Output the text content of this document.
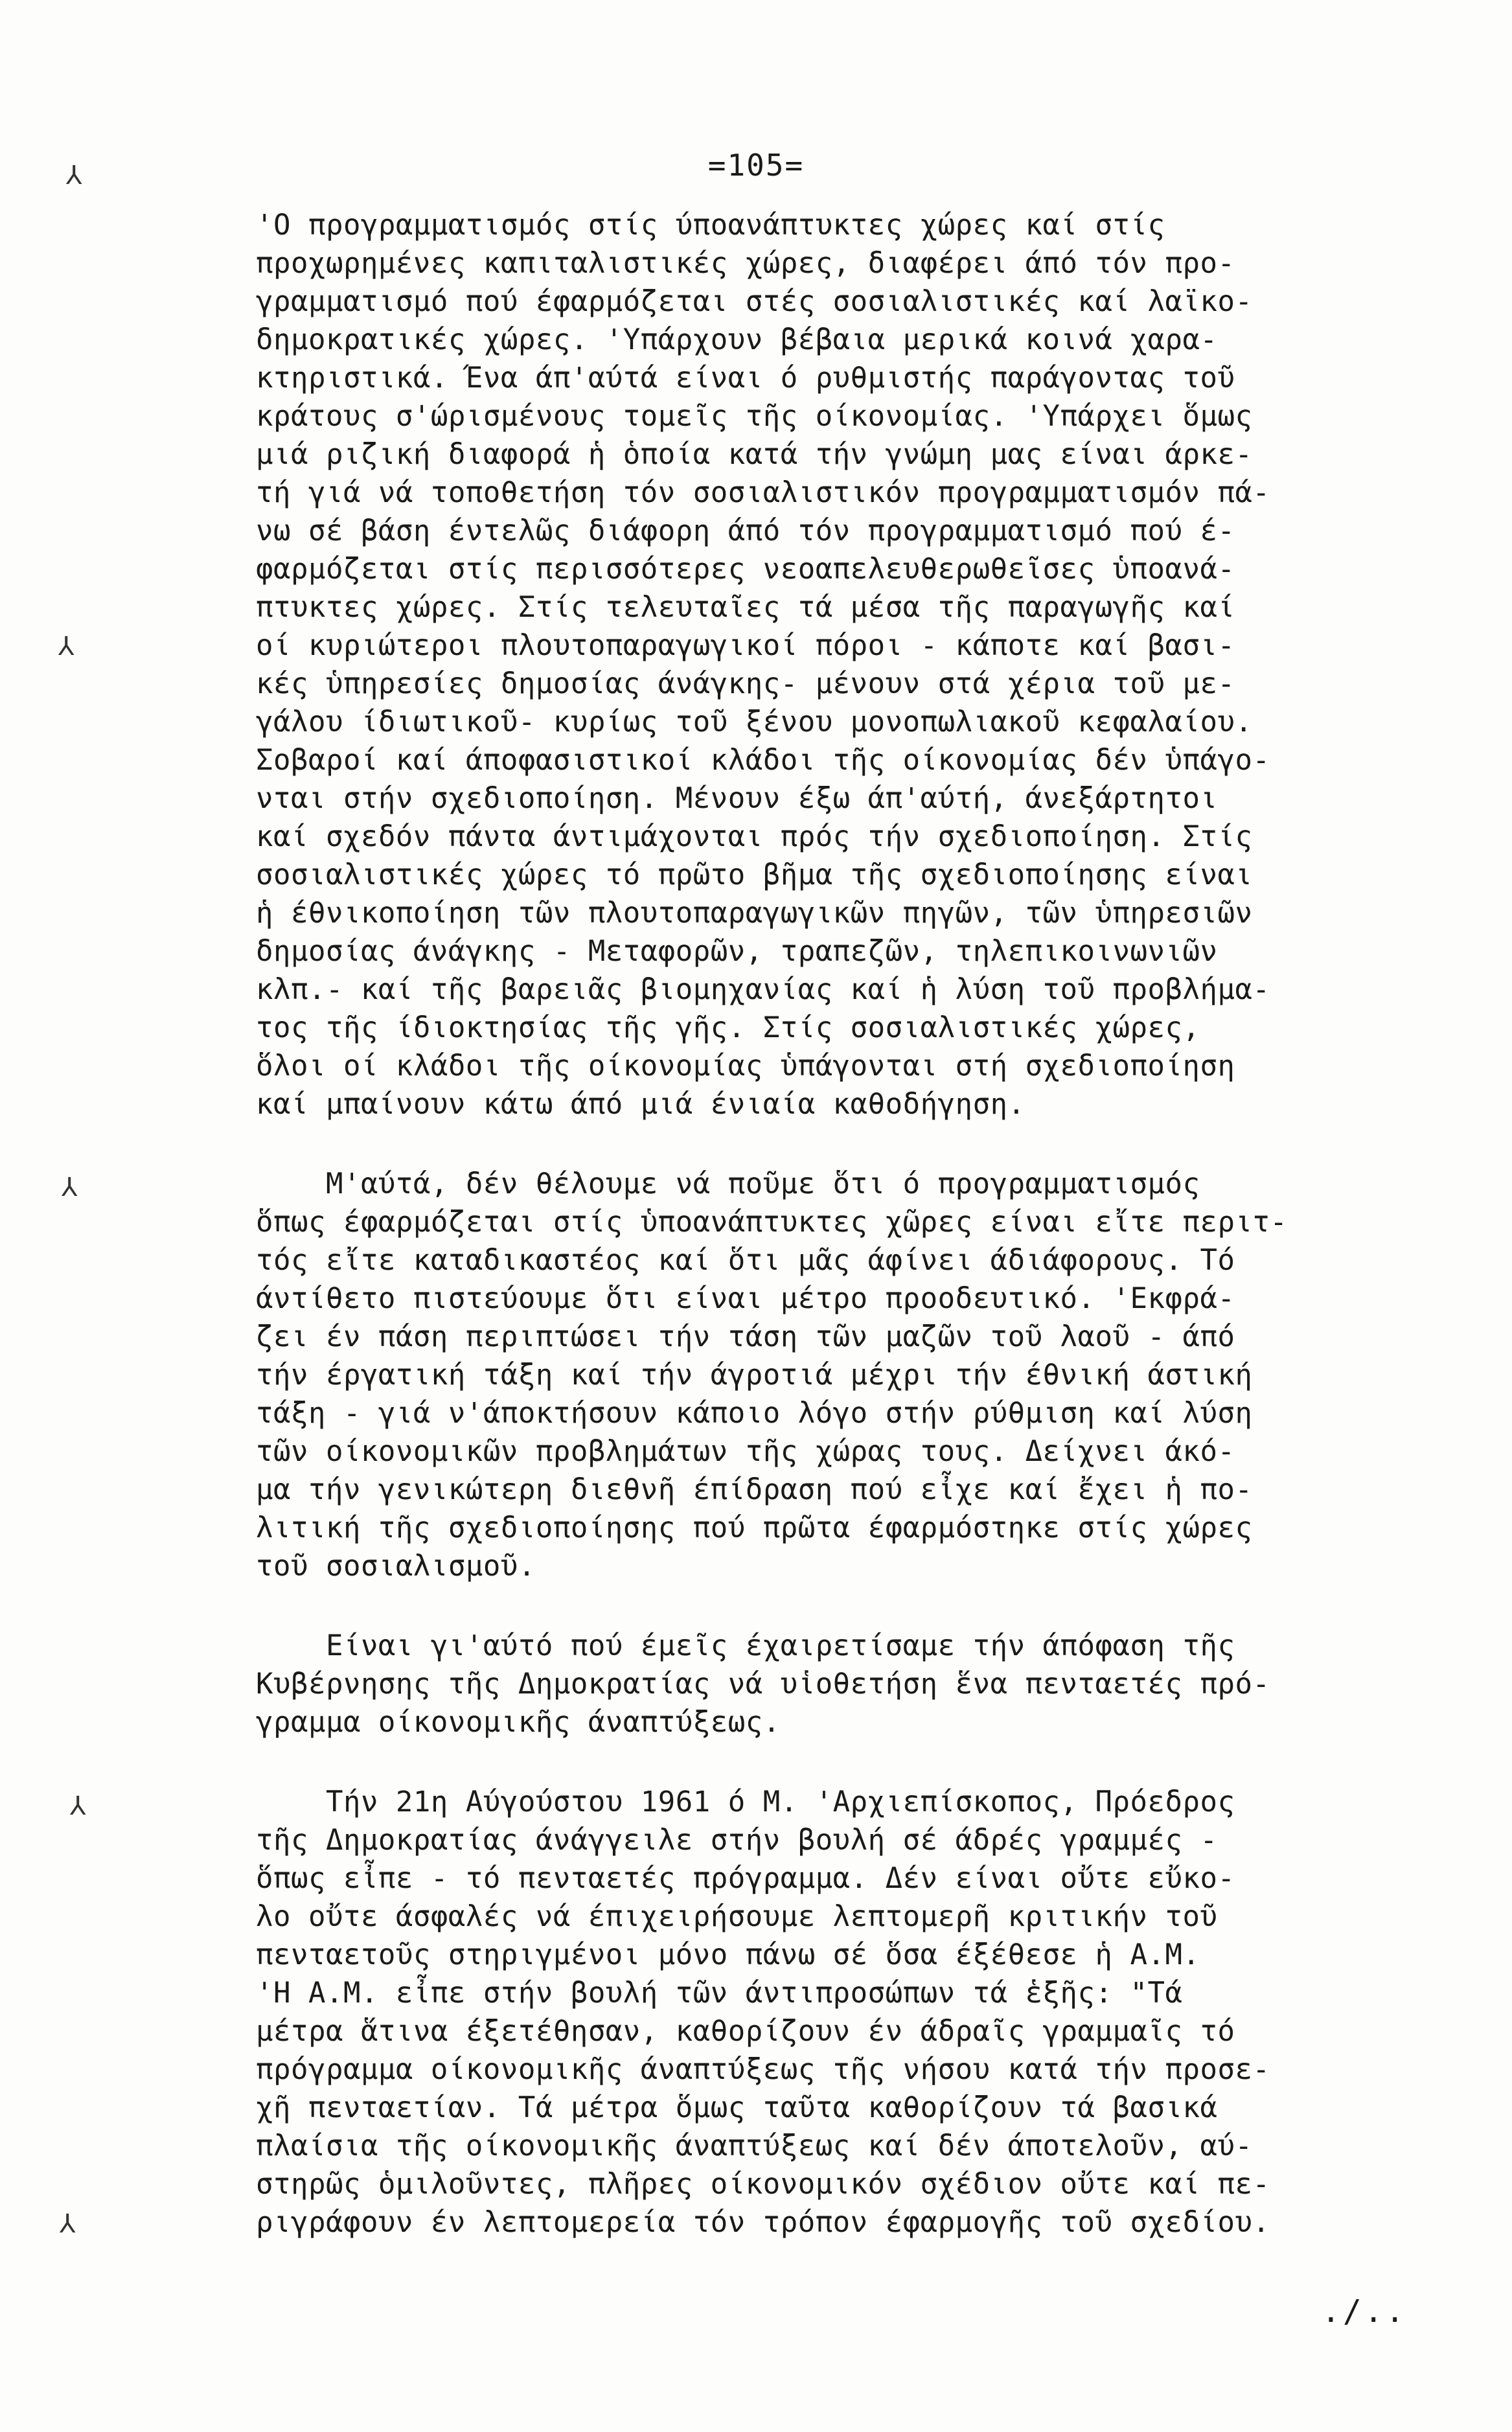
=105=
⅄
⅄
⅄
⅄
⅄
'Ο προγραμματισμός στίς ύποανάπτυκτες χώρες καί στίς
προχωρημένες καπιταλιστικές χώρες, διαφέρει άπό τόν προ-
γραμματισμό πού έφαρμόζεται στές σοσιαλιστικές καί λαϊκο-
δημοκρατικές χώρες. 'Υπάρχουν βέβαια μερικά κοινά χαρα-
κτηριστικά. Ένα άπ'αύτά είναι ό ρυθμιστής παράγοντας τοῦ
κράτους σ'ώρισμένους τομεῖς τῆς οίκονομίας. 'Υπάρχει ὅμως
μιά ριζική διαφορά ἡ ὁποία κατά τήν γνώμη μας είναι άρκε-
τή γιά νά τοποθετήση τόν σοσιαλιστικόν προγραμματισμόν πά-
νω σέ βάση έντελῶς διάφορη άπό τόν προγραμματισμό πού έ-
φαρμόζεται στίς περισσότερες νεοαπελευθερωθεῖσες ὑποανά-
πτυκτες χώρες. Στίς τελευταῖες τά μέσα τῆς παραγωγῆς καί
οί κυριώτεροι πλουτοπαραγωγικοί πόροι - κάποτε καί βασι-
κές ὑπηρεσίες δημοσίας άνάγκης- μένουν στά χέρια τοῦ με-
γάλου ίδιωτικοῦ- κυρίως τοῦ ξένου μονοπωλιακοῦ κεφαλαίου.
Σοβαροί καί άποφασιστικοί κλάδοι τῆς οίκονομίας δέν ὑπάγο-
νται στήν σχεδιοποίηση. Μένουν έξω άπ'αύτή, άνεξάρτητοι
καί σχεδόν πάντα άντιμάχονται πρός τήν σχεδιοποίηση. Στίς
σοσιαλιστικές χώρες τό πρῶτο βῆμα τῆς σχεδιοποίησης είναι
ἡ έθνικοποίηση τῶν πλουτοπαραγωγικῶν πηγῶν, τῶν ὑπηρεσιῶν
δημοσίας άνάγκης - Μεταφορῶν, τραπεζῶν, τηλεπικοινωνιῶν
κλπ.- καί τῆς βαρειᾶς βιομηχανίας καί ἡ λύση τοῦ προβλήμα-
τος τῆς ίδιοκτησίας τῆς γῆς. Στίς σοσιαλιστικές χώρες,
ὅλοι οί κλάδοι τῆς οίκονομίας ὑπάγονται στή σχεδιοποίηση
καί μπαίνουν κάτω άπό μιά ένιαία καθοδήγηση.
Μ'αύτά, δέν θέλουμε νά ποῦμε ὅτι ό προγραμματισμός
ὅπως έφαρμόζεται στίς ὑποανάπτυκτες χῶρες είναι εἴτε περιτ-
τός εἴτε καταδικαστέος καί ὅτι μᾶς άφίνει άδιάφορους. Τό
άντίθετο πιστεύουμε ὅτι είναι μέτρο προοδευτικό. 'Εκφρά-
ζει έν πάση περιπτώσει τήν τάση τῶν μαζῶν τοῦ λαοῦ - άπό
τήν έργατική τάξη καί τήν άγροτιά μέχρι τήν έθνική άστική
τάξη - γιά ν'άποκτήσουν κάποιο λόγο στήν ρύθμιση καί λύση
τῶν οίκονομικῶν προβλημάτων τῆς χώρας τους. Δείχνει άκό-
μα τήν γενικώτερη διεθνῆ έπίδραση πού εἶχε καί ἔχει ἡ πο-
λιτική τῆς σχεδιοποίησης πού πρῶτα έφαρμόστηκε στίς χώρες
τοῦ σοσιαλισμοῦ.
Είναι γι'αύτό πού έμεῖς έχαιρετίσαμε τήν άπόφαση τῆς
Κυβέρνησης τῆς Δημοκρατίας νά υἱοθετήση ἕνα πενταετές πρό-
γραμμα οίκονομικῆς άναπτύξεως.
Τήν 21η Αύγούστου 1961 ό Μ. 'Αρχιεπίσκοπος, Πρόεδρος
τῆς Δημοκρατίας άνάγγειλε στήν βουλή σέ άδρές γραμμές -
ὅπως εἶπε - τό πενταετές πρόγραμμα. Δέν είναι οὔτε εὔκο-
λο οὔτε άσφαλές νά έπιχειρήσουμε λεπτομερῆ κριτικήν τοῦ
πενταετοῦς στηριγμένοι μόνο πάνω σέ ὅσα έξέθεσε ἡ Α.Μ.
'Η Α.Μ. εἶπε στήν βουλή τῶν άντιπροσώπων τά ἑξῆς: "Τά
μέτρα ἅτινα έξετέθησαν, καθορίζουν έν άδραῖς γραμμαῖς τό
πρόγραμμα οίκονομικῆς άναπτύξεως τῆς νήσου κατά τήν προσε-
χῆ πενταετίαν. Τά μέτρα ὅμως ταῦτα καθορίζουν τά βασικά
πλαίσια τῆς οίκονομικῆς άναπτύξεως καί δέν άποτελοῦν, αύ-
στηρῶς ὁμιλοῦντες, πλῆρες οίκονομικόν σχέδιον οὔτε καί πε-
ριγράφουν έν λεπτομερεία τόν τρόπον έφαρμογῆς τοῦ σχεδίου.
./..
